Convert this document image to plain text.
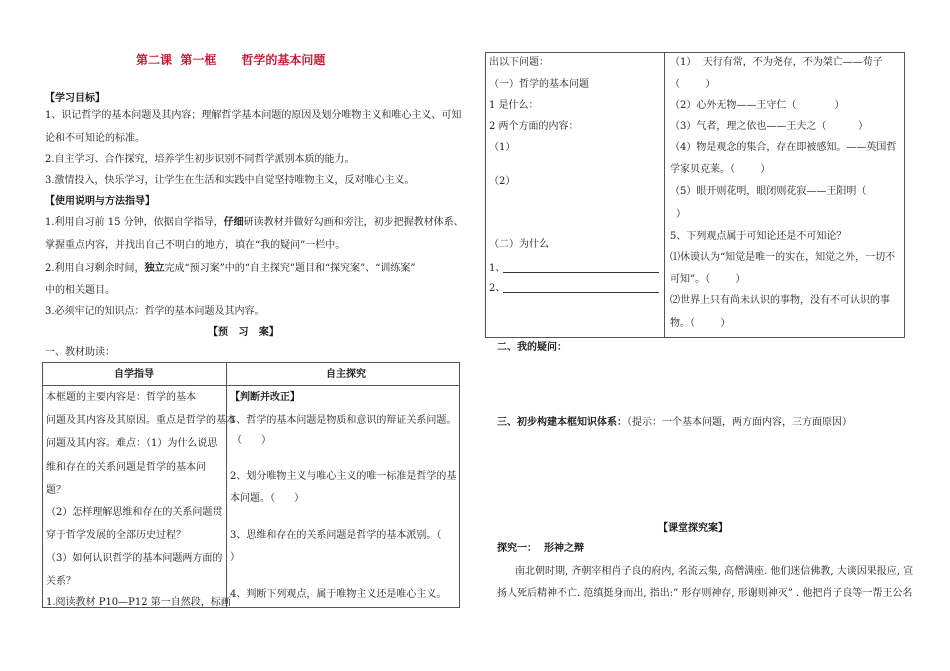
第二课  第一框      哲学的基本问题
【学习目标】
1、识记哲学的基本问题及其内容；理解哲学基本问题的原因及划分唯物主义和唯心主义、可知
论和不可知论的标准。
2.自主学习、合作探究，培养学生初步识别不同哲学派别本质的能力。
3.激情投入，快乐学习，让学生在生活和实践中自觉坚持唯物主义，反对唯心主义。
【使用说明与方法指导】
1.利用自习前 15 分钟，依据自学指导，仔细研读教材并做好勾画和旁注，初步把握教材体系、
掌握重点内容，并找出自己不明白的地方，填在“我的疑问”一栏中。
2.利用自习剩余时间，独立完成“预习案”中的“自主探究”题目和“探究案”、“训练案”
中的相关题目。
3.必须牢记的知识点：哲学的基本问题及其内容。
【预   习   案】
一、教材助读：
自学指导	自主探究
本框题的主要内容是：哲学的基本
问题及其内容及其原因。重点是哲学的基本
问题及其内容。难点：（1）为什么说思
维和存在的关系问题是哲学的基本问
题？
（2）怎样理解思维和存在的关系问题贯
穿于哲学发展的全部历史过程？
（3）如何认识哲学的基本问题两方面的
关系？
1.阅读教材 P10—P12 第一自然段，标画
【判断并改正】
1、哲学的基本问题是物质和意识的辩证关系问题。
（      ）
2、划分唯物主义与唯心主义的唯一标准是哲学的基
本问题。（      ）
3、思维和存在的关系问题是哲学的基本派别。（
）
4、判断下列观点，属于唯物主义还是唯心主义。
出以下问题：
（一）哲学的基本问题
1 是什么：
2 两个方面的内容：
（1）
（2）
（二）为什么
1、
2、
（1）  天行有常，不为尧存，不为桀亡——荀子
（        ）
（2）心外无物——王守仁（            ）
（3）气者，理之依也——王夫之（          ）
（4）物是观念的集合，存在即被感知。——英国哲
学家贝克莱。（        ）
（5）眼开则花明，眼闭则花寂——王阳明（
）
5、下列观点属于可知论还是不可知论？
⑴休谟认为“知觉是唯一的实在，知觉之外，一切不
可知”。（        ）
⑵世界上只有尚未认识的事物，没有不可认识的事
物。（        ）
二、我的疑问：
三、初步构建本框知识体系：（提示：一个基本问题，两方面内容，三方面原因）
【课堂探究案】
探究一：  形神之辩
南北朝时期, 齐朝宰相肖子良的府内, 名流云集, 高僧满座. 他们迷信佛教, 大谈因果报应, 宣
扬人死后精神不亡. 范缜挺身而出, 指出:” 形存则神存, 形谢则神灭” . 他把肖子良等一帮王公名
